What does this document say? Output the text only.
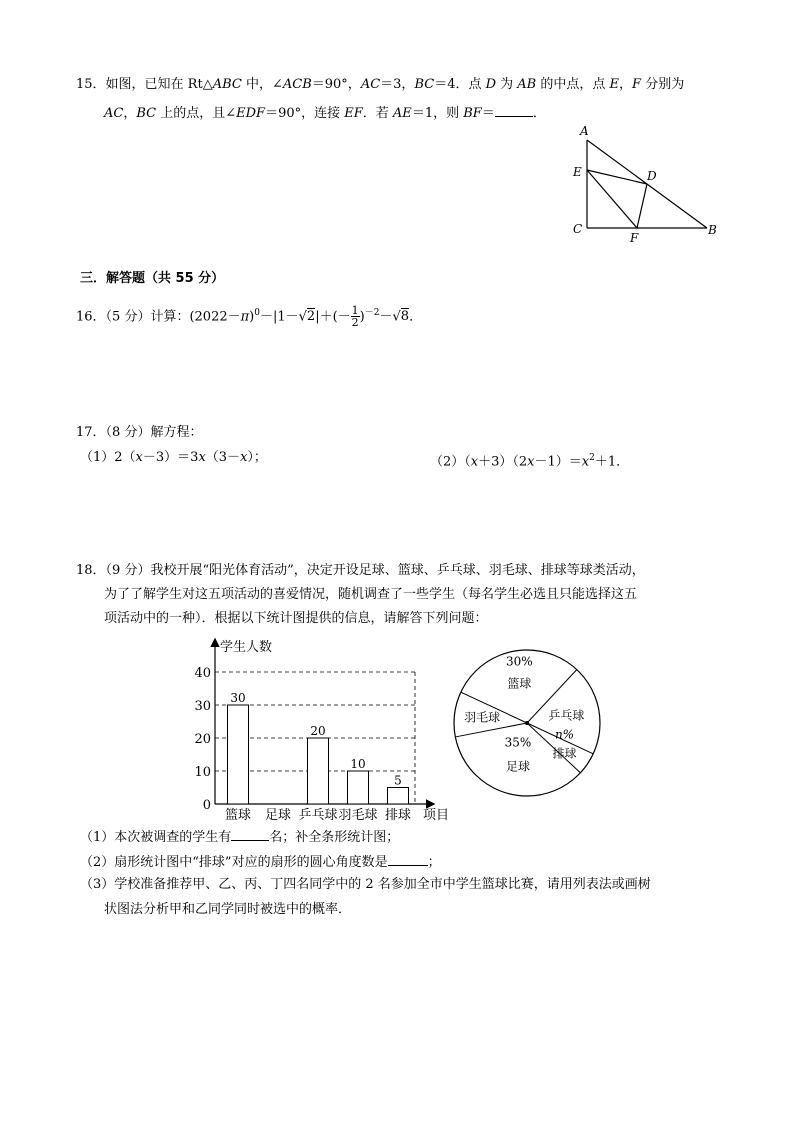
15．如图，已知在 Rt△ABC 中，∠ACB＝90°，AC＝3，BC＝4．点 D 为 AB 的中点，点 E，F 分别为
AC，BC 上的点，且∠EDF＝90°，连接 EF．若 AE＝1，则 BF＝	．
A
E	D
C
F
B
三．解答题（共 55 分）
16．（5 分）计算：$(2022-\pi)^0-|1-√2|+(- \frac{1}{2} )^{-2}-√8$．
17．（8 分）解方程：
（1）2（x－3）＝3x（3－x）；	$(2)(x+3)(2x-1)=x^2+1$．
18．（9 分）我校开展“阳光体育活动”，决定开设足球、篮球、乒乓球、羽毛球、排球等球类活动，
为了了解学生对这五项活动的喜爱情况，随机调查了一些学生（每名学生必选且只能选择这五
项活动中的一种）．根据以下统计图提供的信息，请解答下列问题：
0
10
20
30
40
30
篮球 足球
20
乒乓球
10
羽毛球
5
排球
学生人数
项目
30%
篮球
乒乓球
n%
排球
35%
足球
羽毛球
（1）本次被调查的学生有	名；补全条形统计图；
（2）扇形统计图中“排球”对应的扇形的圆心角度数是	；
（3）学校准备推荐甲、乙、丙、丁四名同学中的 2 名参加全市中学生篮球比赛，请用列表法或画树
状图法分析甲和乙同学同时被选中的概率．
